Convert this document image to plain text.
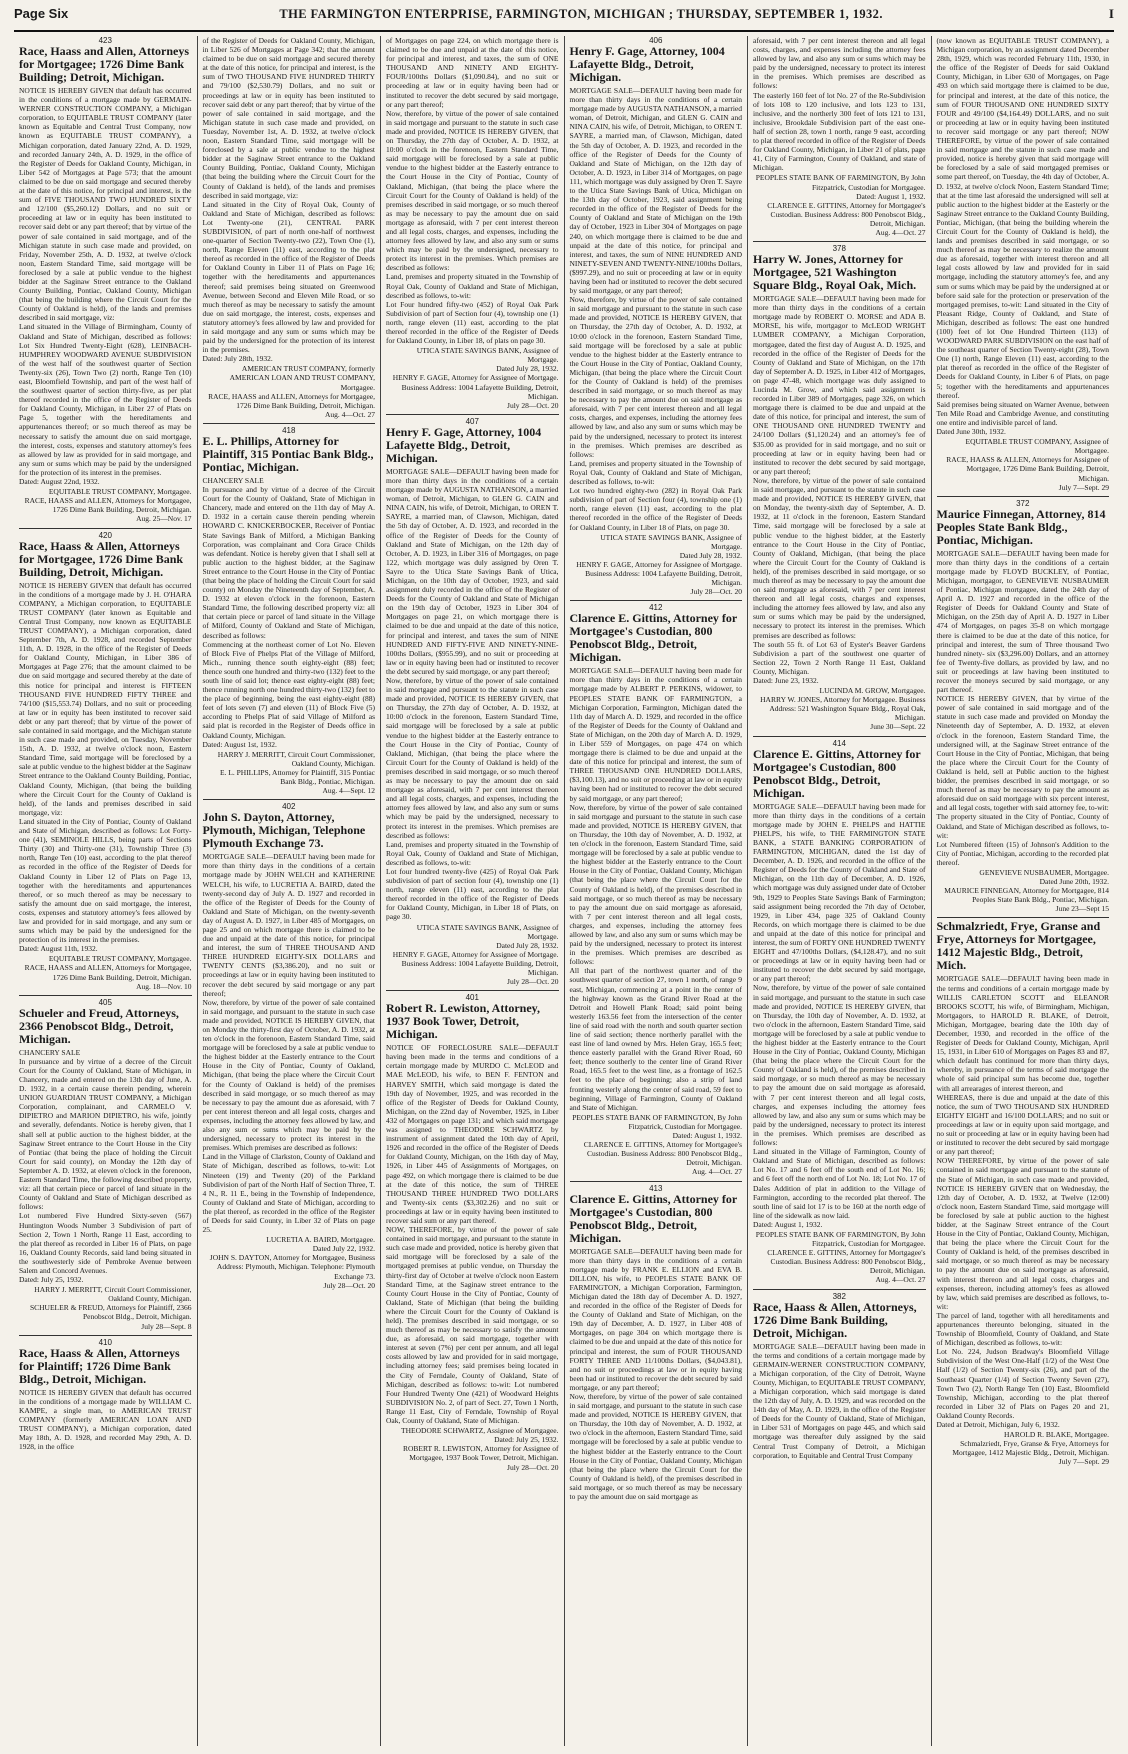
Page Six	THE FARMINGTON ENTERPRISE, FARMINGTON, MICHIGAN ; THURSDAY, SEPTEMBER 1, 1932.	I
423
Race, Haass and Allen, Attorneys for Mortgagee; 1726 Dime Bank Building; Detroit, Michigan.

NOTICE IS HEREBY GIVEN that default has occurred in the conditions of a mortgage made by GERMAIN-WERNER CONSTRUCTION COMPANY, a Michigan corporation, to EQUITABLE TRUST COMPANY (later known as Equitable and Central Trust Company, now known as EQUITABLE TRUST COMPANY), a Michigan corporation, dated January 22nd, A. D. 1929, and recorded January 24th, A. D. 1929, in the office of the Register of Deeds for Oakland County, Michigan, in Liber 542 of Mortgages at Page 573; that the amount claimed to be due on said mortgage and secured thereby at the date of this notice, for principal and interest, is the sum of FIVE THOUSAND TWO HUNDRED SIXTY and 12/100 ($5,260.12) Dollars, and no suit or proceeding at law or in equity has been instituted to recover said debt or any part thereof; that by virtue of the power of sale contained in said mortgage, and of the Michigan statute in such case made and provided, on Friday, November 25th, A. D. 1932, at twelve o'clock noon, Eastern Standard Time, said mortgage will be foreclosed by a sale at public vendue to the highest bidder at the Saginaw Street entrance to the Oakland County Building, Pontiac, Oakland County, Michigan (that being the building where the Circuit Court for the County of Oakland is held), of the lands and premises described in said mortgage, viz:
Land situated in the Village of Birmingham, County of Oakland and State of Michigan, described as follows: Lot Six Hundred Twenty-Eight (628), LEINBACH-HUMPHREY WOODWARD AVENUE SUBDIVISION of the west half of the southwest quarter of Section Twenty-six (26), Town Two (2) north, Range Ten (10) east, Bloomfield Township, and part of the west half of the southwest quarter of section thirty-five, as per plat thereof recorded in the office of the Register of Deeds for Oakland County, Michigan, in Liber 27 of Plats on Page 5, together with the hereditaments and appurtenances thereof; or so much thereof as may be necessary to satisfy the amount due on said mortgage, the interest, costs, expenses and statutory attorney's fees as allowed by law as provided for in said mortgage, and any sum or sums which may be paid by the undersigned for the protection of its interest in the premises.
Dated: August 22nd, 1932.

EQUITABLE TRUST COMPANY, Mortgagee.
RACE, HAASS and ALLEN, Attorneys for Mortgagee, 1726 Dime Bank Building, Detroit, Michigan.
Aug. 25—Nov. 17

420
Race, Haass & Allen, Attorneys for Mortgagee, 1726 Dime Bank Building, Detroit, Michigan.

NOTICE IS HEREBY GIVEN that default has occurred in the conditions of a mortgage made by J. H. O'HARA COMPANY, a Michigan corporation, to EQUITABLE TRUST COMPANY (later known as Equitable and Central Trust Company, now known as EQUITABLE TRUST COMPANY), a Michigan corporation, dated September 7th, A. D. 1928, and recorded September 11th, A. D. 1928, in the office of the Register of Deeds for Oakland County, Michigan, in Liber 386 of Mortgages at Page 276; that the amount claimed to be due on said mortgage and secured thereby at the date of this notice for principal and interest is FIFTEEN THOUSAND FIVE HUNDRED FIFTY THREE and 74/100 ($15,553.74) Dollars, and no suit or proceeding at law or in equity has been instituted to recover said debt or any part thereof; that by virtue of the power of sale contained in said mortgage, and the Michigan statute in such case made and provided, on Tuesday, November 15th, A. D. 1932, at twelve o'clock noon, Eastern Standard Time, said mortgage will be foreclosed by a sale at public vendue to the highest bidder at the Saginaw Street entrance to the Oakland County Building, Pontiac, Oakland County, Michigan, (that being the building where the Circuit Court for the County of Oakland is held), of the lands and premises described in said mortgage, viz:
Land situated in the City of Pontiac, County of Oakland and State of Michigan, described as follows: Lot Forty-one (41), SEMINOLE HILLS, being parts of Sections Thirty (30) and Thirty-one (31), Township Three (3) north, Range Ten (10) east, according to the plat thereof as recorded in the office of the Register of Deeds for Oakland County in Liber 12 of Plats on Page 13, together with the hereditaments and appurtenances thereof, or so much thereof as may be necessary to satisfy the amount due on said mortgage, the interest, costs, expenses and statutory attorney's fees allowed by law and provided for in said mortgage, and any sum or sums which may be paid by the undersigned for the protection of its interest in the premises.
Dated: August 11th, 1932.

EQUITABLE TRUST COMPANY, Mortgagee.
RACE, HAASS and ALLEN, Attorneys for Mortgagee, 1726 Dime Bank Building, Detroit, Michigan.
Aug. 18—Nov. 10

405
Schueler and Freud, Attorneys, 2366 Penobscot Bldg., Detroit, Michigan.

CHANCERY SALE
In pursuance and by virtue of a decree of the Circuit Court for the County of Oakland, State of Michigan, in Chancery, made and entered on the 13th day of June, A. D. 1932, in a certain cause therein pending, wherein UNION GUARDIAN TRUST COMPANY, a Michigan Corporation, complainant, and CARMELO V. DIPIETRO and MARION DIPIETRO, his wife, jointly and severally, defendants. Notice is hereby given, that I shall sell at public auction to the highest bidder, at the Saginaw Street entrance to the Court House in the City of Pontiac (that being the place of holding the Circuit Court for said county), on Monday the 12th day of September A. D. 1932, at eleven o'clock in the forenoon, Eastern Standard Time, the following described property, viz: all that certain piece or parcel of land situate in the County of Oakland and State of Michigan described as follows:
Lot numbered Five Hundred Sixty-seven (567) Huntington Woods Number 3 Subdivision of part of Section 2, Town 1 North, Range 11 East, according to the plat thereof as recorded in Liber 16 of Plats, on page 16, Oakland County Records, said land being situated in the southwesterly side of Pembroke Avenue between Salem and Concord Avenues.
Dated: July 25, 1932.

HARRY J. MERRITT, Circuit Court Commissioner, Oakland County, Michigan.
SCHUELER & FREUD, Attorneys for Plaintiff, 2366 Penobscot Bldg., Detroit, Michigan.
July 28—Sept. 8

410
Race, Haass & Allen, Attorneys for Plaintiff; 1726 Dime Bank Bldg., Detroit, Michigan.

NOTICE IS HEREBY GIVEN that default has occurred in the conditions of a mortgage made by WILLIAM C. KAMPE, a single man, to AMERICAN TRUST COMPANY (formerly AMERICAN LOAN AND TRUST COMPANY), a Michigan corporation, dated May 18th, A. D. 1928, and recorded May 29th, A. D. 1928, in the office

of the Register of Deeds for Oakland County, Michigan, in Liber 526 of Mortgages at Page 342; that the amount claimed to be due on said mortgage and secured thereby at the date of this notice, for principal and interest, is the sum of TWO THOUSAND FIVE HUNDRED THIRTY and 79/100 ($2,530.79) Dollars, and no suit or proceedings at law or in equity has been instituted to recover said debt or any part thereof; that by virtue of the power of sale contained in said mortgage, and the Michigan statute in such case made and provided, on Tuesday, November 1st, A. D. 1932, at twelve o'clock noon, Eastern Standard Time, said mortgage will be foreclosed by a sale at public vendue to the highest bidder at the Saginaw Street entrance to the Oakland County Building, Pontiac, Oakland County, Michigan (that being the building where the Circuit Court for the County of Oakland is held), of the lands and premises described in said mortgage, viz:
Land situated in the City of Royal Oak, County of Oakland and State of Michigan, described as follows: Lot Twenty-one (21), CENTRAL PARK SUBDIVISION, of part of north one-half of northwest one-quarter of Section Twenty-two (22), Town One (1), north, Range Eleven (11) east, according to the plat thereof as recorded in the office of the Register of Deeds for Oakland County in Liber 11 of Plats on Page 16; together with the hereditaments and appurtenances thereof; said premises being situated on Greenwood Avenue, between Second and Eleven Mile Road, or so much thereof as may be necessary to satisfy the amount due on said mortgage, the interest, costs, expenses and statutory attorney's fees allowed by law and provided for in said mortgage and any sum or sums which may be paid by the undersigned for the protection of its interest in the premises.
Dated: July 28th, 1932.

AMERICAN TRUST COMPANY, formerly AMERICAN LOAN AND TRUST COMPANY, Mortgagee.
RACE, HAASS and ALLEN, Attorneys for Mortgagee, 1726 Dime Bank Building, Detroit, Michigan.
Aug. 4—Oct. 27

418
E. L. Phillips, Attorney for Plaintiff, 315 Pontiac Bank Bldg., Pontiac, Michigan.

CHANCERY SALE
In pursuance and by virtue of a decree of the Circuit Court for the County of Oakland, State of Michigan in Chancery, made and entered on the 11th day of May A. D. 1932 in a certain cause therein pending wherein HOWARD C. KNICKERBOCKER, Receiver of Pontiac State Savings Bank of Milford, a Michigan Banking Corporation, was complainant and Cora Grace Childs was defendant. Notice is hereby given that I shall sell at public auction to the highest bidder, at the Saginaw Street entrance to the Court House in the City of Pontiac (that being the place of holding the Circuit Court for said county) on Monday the Nineteenth day of September, A. D. 1932 at eleven o'clock in the forenoon, Eastern Standard Time, the following described property viz: all that certain piece or parcel of land situate in the Village of Milford, County of Oakland and State of Michigan, described as follows:
Commencing at the northeast corner of Lot No. Eleven of Block Five of Phelps Plat of the Village of Milford, Mich., running thence south eighty-eight (88) feet; thence south one hundred and thirty-two (132) feet to the south line of said lot; thence east eighty-eight (88) feet; thence running north one hundred thirty-two (132) feet to the place of beginning, being the east eighty-eight (88) feet of lots seven (7) and eleven (11) of Block Five (5) according to Phelps Plat of said Village of Milford as said plat is recorded in the Register of Deeds office in Oakland County, Michigan.
Dated: August 1st, 1932.

HARRY J. MERRITT, Circuit Court Commissioner, Oakland County, Michigan.
E. L. PHILLIPS, Attorney for Plaintiff, 315 Pontiac Bank Bldg., Pontiac, Michigan.
Aug. 4—Sept. 12

402
John S. Dayton, Attorney, Plymouth, Michigan, Telephone Plymouth Exchange 73.

MORTGAGE SALE—DEFAULT having been made for more than thirty days in the conditions of a certain mortgage made by JOHN WELCH and KATHERINE WELCH, his wife, to LUCRETIA A. BAIRD, dated the twenty-second day of July A. D. 1927 and recorded in the office of the Register of Deeds for the County of Oakland and State of Michigan, on the twenty-seventh day of August A. D. 1927, in Liber 485 of Mortgages, on page 25 and on which mortgage there is claimed to be due and unpaid at the date of this notice, for principal and interest, the sum of THREE THOUSAND AND THREE HUNDRED EIGHTY-SIX DOLLARS and TWENTY CENTS ($3,386.20), and no suit or proceedings at law or in equity having been instituted to recover the debt secured by said mortgage or any part thereof;
Now, therefore, by virtue of the power of sale contained in said mortgage, and pursuant to the statute in such case made and provided, NOTICE IS HEREBY GIVEN, that on Monday the thirty-first day of October, A. D. 1932, at ten o'clock in the forenoon, Eastern Standard Time, said mortgage will be foreclosed by a sale at public vendue to the highest bidder at the Easterly entrance to the Court House in the City of Pontiac, County of Oakland, Michigan, (that being the place where the Circuit Court for the County of Oakland is held) of the premises described in said mortgage, or so much thereof as may be necessary to pay the amount due as aforesaid, with 7 per cent interest thereon and all legal costs, charges and expenses, including the attorney fees allowed by law, and also any sum or sums which may be paid by the undersigned, necessary to protect its interest in the premises. Which premises are described as follows:
Land in the Village of Clarkston, County of Oakland and State of Michigan, described as follows, to-wit: Lot Nineteen (19) and Twenty (20) of the Parkland Subdivision of part of the North Half of Section Three, T. 4 N., R. 11 E., being in the Township of Independence, County of Oakland and State of Michigan, according to the plat thereof, as recorded in the office of the Register of Deeds for said County, in Liber 32 of Plats on page 25.

LUCRETIA A. BAIRD, Mortgagee.
Dated July 22, 1932.
JOHN S. DAYTON, Attorney for Mortgagee, Business Address: Plymouth, Michigan. Telephone: Plymouth Exchange 73.
July 28—Oct. 20

of Mortgages on page 224, on which mortgage there is claimed to be due and unpaid at the date of this notice, for principal and interest, and taxes, the sum of ONE THOUSAND AND NINETY AND EIGHTY-FOUR/100ths Dollars ($1,090.84), and no suit or proceeding at law or in equity having been had or instituted to recover the debt secured by said mortgage, or any part thereof;
Now, therefore, by virtue of the power of sale contained in said mortgage and pursuant to the statute in such case made and provided, NOTICE IS HEREBY GIVEN, that on Thursday, the 27th day of October, A. D. 1932, at 10:00 o'clock in the forenoon, Eastern Standard Time, said mortgage will be foreclosed by a sale at public vendue to the highest bidder at the Easterly entrance to the Court House in the City of Pontiac, County of Oakland, Michigan, (that being the place where the Circuit Court for the County of Oakland is held) of the premises described in said mortgage, or so much thereof as may be necessary to pay the amount due on said mortgage as aforesaid, with 7 per cent interest thereon and all legal costs, charges, and expenses, including the attorney fees allowed by law, and also any sum or sums which may be paid by the undersigned, necessary to protect its interest in the premises. Which premises are described as follows:
Land, premises and property situated in the Township of Royal Oak, County of Oakland and State of Michigan, described as follows, to-wit:
Lot Four hundred fifty-two (452) of Royal Oak Park Subdivision of part of Section four (4), township one (1) north, range eleven (11) east, according to the plat thereof recorded in the office of the Register of Deeds for Oakland County, in Liber 18, of plats on page 30.

UTICA STATE SAVINGS BANK, Assignee of Mortgage.
Dated July 28, 1932.
HENRY F. GAGE, Attorney for Assignee of Mortgage. Business Address: 1004 Lafayette Building, Detroit, Michigan.
July 28—Oct. 20

407
Henry F. Gage, Attorney, 1004 Lafayette Bldg., Detroit, Michigan.

MORTGAGE SALE—DEFAULT having been made for more than thirty days in the conditions of a certain mortgage made by AUGUSTA NATHANSON, a married woman, of Detroit, Michigan, to GLEN G. CAIN and NINA CAIN, his wife, of Detroit, Michigan, to OREN T. SAYRE, a married man, of Clawson, Michigan, dated the 5th day of October, A. D. 1923, and recorded in the office of the Register of Deeds for the County of Oakland and State of Michigan, on the 12th day of October, A. D. 1923, in Liber 316 of Mortgages, on page 122, which mortgage was duly assigned by Oren T. Sayre to the Utica State Savings Bank of Utica, Michigan, on the 10th day of October, 1923, and said assignment duly recorded in the office of the Register of Deeds for the County of Oakland and State of Michigan on the 19th day of October, 1923 in Liber 304 of Mortgages on page 21, on which mortgage there is claimed to be due and unpaid at the date of this notice, for principal and interest, and taxes the sum of NINE HUNDRED AND FIFTY-FIVE AND NINETY-NINE-100ths Dollars, ($955.99), and no suit or proceeding at law or in equity having been had or instituted to recover the debt secured by said mortgage, or any part thereof;
Now, therefore, by virtue of the power of sale contained in said mortgage and pursuant to the statute in such case made and provided, NOTICE IS HEREBY GIVEN, that on Thursday, the 27th day of October, A. D. 1932, at 10:00 o'clock in the forenoon, Eastern Standard Time, said mortgage will be foreclosed by a sale at public vendue to the highest bidder at the Easterly entrance to the Court House in the City of Pontiac, County of Oakland, Michigan, (that being the place where the Circuit Court for the County of Oakland is held) of the premises described in said mortgage, or so much thereof as may be necessary to pay the amount due on said mortgage as aforesaid, with 7 per cent interest thereon and all legal costs, charges, and expenses, including the attorney fees allowed by law, and also any sum or sums which may be paid by the undersigned, necessary to protect its interest in the premises. Which premises are described as follows:
Land, premises and property situated in the Township of Royal Oak, County of Oakland and State of Michigan, described as follows, to-wit:
Lot four hundred twenty-five (425) of Royal Oak Park subdivision of part of section four (4), township one (1) north, range eleven (11) east, according to the plat thereof recorded in the office of the Register of Deeds for Oakland County, Michigan, in Liber 18 of Plats, on page 30.

UTICA STATE SAVINGS BANK, Assignee of Mortgage.
Dated July 28, 1932.
HENRY F. GAGE, Attorney for Assignee of Mortgage. Business Address: 1004 Lafayette Building, Detroit, Michigan.
July 28—Oct. 20

401
Robert R. Lewiston, Attorney, 1937 Book Tower, Detroit, Michigan.

NOTICE OF FORECLOSURE SALE—DEFAULT having been made in the terms and conditions of a certain mortgage made by MURDO C. McLEOD and MAE McLEOD, his wife, to BEN F. FENTON and HARVEY SMITH, which said mortgage is dated the 19th day of November, 1925, and was recorded in the office of the Register of Deeds for Oakland County, Michigan, on the 22nd day of November, 1925, in Liber 432 of Mortgages on page 131; and which said mortgage was assigned to THEODORE SCHWARTZ by instrument of assignment dated the 10th day of April, 1926 and recorded in the office of the Register of Deeds for Oakland County, Michigan, on the 16th day of May, 1926, in Liber 445 of Assignments of Mortgages, on page 492, on which mortgage there is claimed to be due at the date of this notice, the sum of THREE THOUSAND THREE HUNDRED TWO DOLLARS and Twenty-six cents ($3,302.26) and no suit or proceedings at law or in equity having been instituted to recover said sum or any part thereof.
NOW, THEREFORE, by virtue of the power of sale contained in said mortgage, and pursuant to the statute in such case made and provided, notice is hereby given that said mortgage will be foreclosed by a sale of the mortgaged premises at public vendue, on Thursday the thirty-first day of October at twelve o'clock noon Eastern Standard Time, at the Saginaw street entrance to the County Court House in the City of Pontiac, County of Oakland, State of Michigan (that being the building where the Circuit Court for the County of Oakland is held). The premises described in said mortgage, or so much thereof as may be necessary to satisfy the amount due, as aforesaid, on said mortgage, together with interest at seven (7%) per cent per annum, and all legal costs allowed by law and provided for in said mortgage, including attorney fees; said premises being located in the City of Ferndale, County of Oakland, State of Michigan, described as follows: to-wit: Lot numbered Four Hundred Twenty One (421) of Woodward Heights SUBDIVISION No. 2, of part of Sect. 27, Town 1 North, Range 11 East, City of Ferndale, Township of Royal Oak, County of Oakland, State of Michigan.

THEODORE SCHWARTZ, Assignee of Mortgagee.
Dated: July 25, 1932.
ROBERT R. LEWISTON, Attorney for Assignee of Mortgagee, 1937 Book Tower, Detroit, Michigan.
July 28—Oct. 20

406
Henry F. Gage, Attorney, 1004 Lafayette Bldg., Detroit, Michigan.

MORTGAGE SALE—DEFAULT having been made for more than thirty days in the conditions of a certain mortgage made by AUGUSTA NATHANSON, a married woman, of Detroit, Michigan, and GLEN G. CAIN and NINA CAIN, his wife, of Detroit, Michigan, to OREN T. SAYRE, a married man, of Clawson, Michigan, dated the 5th day of October, A. D. 1923, and recorded in the office of the Register of Deeds for the County of Oakland and State of Michigan, on the 12th day of October, A. D. 1923, in Liber 314 of Mortgages, on page 111, which mortgage was duly assigned by Oren T. Sayre to the Utica State Savings Bank of Utica, Michigan on the 13th day of October, 1923, said assignment being recorded in the office of the Register of Deeds for the County of Oakland and State of Michigan on the 19th day of October, 1923 in Liber 304 of Mortgages on page 240, on which mortgage there is claimed to be due and unpaid at the date of this notice, for principal and interest, and taxes, the sum of NINE HUNDRED AND NINETY-SEVEN AND TWENTY-NINE/100ths Dollars, ($997.29), and no suit or proceeding at law or in equity having been had or instituted to recover the debt secured by said mortgage, or any part thereof;
Now, therefore, by virtue of the power of sale contained in said mortgage and pursuant to the statute in such case made and provided, NOTICE IS HEREBY GIVEN, that on Thursday, the 27th day of October, A. D. 1932, at 10:00 o'clock in the forenoon, Eastern Standard Time, said mortgage will be foreclosed by a sale at public vendue to the highest bidder at the Easterly entrance to the Court House in the City of Pontiac, Oakland County, Michigan, (that being the place where the Circuit Court for the County of Oakland is held) of the premises described in said mortgage, or so much thereof as may be necessary to pay the amount due on said mortgage as aforesaid, with 7 per cent interest thereon and all legal costs, charges, and expenses, including the attorney fees allowed by law, and also any sum or sums which may be paid by the undersigned, necessary to protect its interest in the premises. Which premises are described as follows:
Land, premises and property situated in the Township of Royal Oak, County of Oakland and State of Michigan, described as follows, to-wit:
Lot two hundred eighty-two (282) in Royal Oak Park subdivision of part of Section four (4), township one (1) north, range eleven (11) east, according to the plat thereof recorded in the office of the Register of Deeds for Oakland County, in Liber 18 of Plats, on page 30.

UTICA STATE SAVINGS BANK, Assignee of Mortgage.
Dated July 28, 1932.
HENRY F. GAGE, Attorney for Assignee of Mortgage. Business Address: 1004 Lafayette Building, Detroit, Michigan.
July 28—Oct. 20

412
Clarence E. Gittins, Attorney for Mortgagee's Custodian, 800 Penobscot Bldg., Detroit, Michigan.

MORTGAGE SALE—DEFAULT having been made for more than thirty days in the conditions of a certain mortgage made by ALBERT P. PERKINS, widower, to PEOPLES STATE BANK OF FARMINGTON, a Michigan Corporation, Farmington, Michigan dated the 11th day of March A. D. 1929, and recorded in the office of the Register of Deeds for the County of Oakland and State of Michigan, on the 20th day of March A. D. 1929, in Liber 559 of Mortgages, on page 474 on which mortgage there is claimed to be due and unpaid at the date of this notice for principal and interest, the sum of THREE THOUSAND ONE HUNDRED DOLLARS, ($3,100.13), and no suit or proceeding at law or in equity having been had or instituted to recover the debt secured by said mortgage, or any part thereof;
Now, therefore, by virtue of the power of sale contained in said mortgage and pursuant to the statute in such case made and provided, NOTICE IS HEREBY GIVEN, that on Thursday, the 10th day of November, A. D. 1932, at ten o'clock in the forenoon, Eastern Standard Time, said mortgage will be foreclosed by a sale at public vendue to the highest bidder at the Easterly entrance to the Court House in the City of Pontiac, Oakland County, Michigan (that being the place where the Circuit Court for the County of Oakland is held), of the premises described in said mortgage, or so much thereof as may be necessary to pay the amount due on said mortgage as aforesaid, with 7 per cent interest thereon and all legal costs, charges, and expenses, including the attorney fees allowed by law, and also any sum or sums which may be paid by the undersigned, necessary to protect its interest in the premises. Which premises are described as follows:
All that part of the northwest quarter and of the southwest quarter of section 27, town 1 north, of range 9 east, Michigan, commencing at a point in the center of the highway known as the Grand River Road at the Detroit and Howell Plank Road; said point being westerly 163.56 feet from the intersection of the center line of said road with the north and south quarter section line of said section; thence northerly parallel with the east line of land owned by Mrs. Helen Gray, 165.5 feet; thence easterly parallel with the Grand River Road, 60 feet; thence southerly to the center line of Grand River Road, 165.5 feet to the west line, as a frontage of 162.5 feet to the place of beginning; also a strip of land fronting westerly along the center of said road, 59 feet to beginning, Village of Farmington, County of Oakland and State of Michigan.

PEOPLES STATE BANK OF FARMINGTON, By John Fitzpatrick, Custodian for Mortgagee.
Dated: August 1, 1932.
CLARENCE E. GITTINS, Attorney for Mortgagee's Custodian. Business Address: 800 Penobscot Bldg., Detroit, Michigan.
Aug. 4—Oct. 27

413
Clarence E. Gittins, Attorney for Mortgagee's Custodian, 800 Penobscot Bldg., Detroit, Michigan.

MORTGAGE SALE—DEFAULT having been made for more than thirty days in the conditions of a certain mortgage made by FRANK E. ELLION and EVA B. DILLON, his wife, to PEOPLES STATE BANK OF FARMINGTON, a Michigan Corporation, Farmington, Michigan dated the 18th day of December A. D. 1927, and recorded in the office of the Register of Deeds for the County of Oakland and State of Michigan, on the 19th day of December, A. D. 1927, in Liber 408 of Mortgages, on page 304 on which mortgage there is claimed to be due and unpaid at the date of this notice for principal and interest, the sum of FOUR THOUSAND FORTY THREE AND 11/100ths Dollars, ($4,043.81), and no suit or proceedings at law or in equity having been had or instituted to recover the debt secured by said mortgage, or any part thereof;
Now, therefore, by virtue of the power of sale contained in said mortgage, and pursuant to the statute in such case made and provided, NOTICE IS HEREBY GIVEN, that on Thursday, the 10th day of November, A. D. 1932, at two o'clock in the afternoon, Eastern Standard Time, said mortgage will be foreclosed by a sale at public vendue to the highest bidder at the Easterly entrance to the Court House in the City of Pontiac, Oakland County, Michigan (that being the place where the Circuit Court for the County of Oakland is held), of the premises described in said mortgage, or so much thereof as may be necessary to pay the amount due on said mortgage as

aforesaid, with 7 per cent interest thereon and all legal costs, charges, and expenses including the attorney fees allowed by law, and also any sum or sums which may be paid by the undersigned, necessary to protect its interest in the premises. Which premises are described as follows:
The easterly 160 feet of lot No. 27 of the Re-Subdivision of lots 108 to 120 inclusive, and lots 123 to 131, inclusive, and the northerly 300 feet of lots 121 to 131, inclusive, Brookdale Subdivision part of the east one-half of section 28, town 1 north, range 9 east, according to plat thereof recorded in office of the Register of Deeds for Oakland County, Michigan, in Liber 21 of plats, page 41, City of Farmington, County of Oakland, and state of Michigan.

PEOPLES STATE BANK OF FARMINGTON, By John Fitzpatrick, Custodian for Mortgagee.
Dated: August 1, 1932.
CLARENCE E. GITTINS, Attorney for Mortgagee's Custodian. Business Address: 800 Penobscot Bldg., Detroit, Michigan.
Aug. 4—Oct. 27

378
Harry W. Jones, Attorney for Mortgagee, 521 Washington Square Bldg., Royal Oak, Mich.

MORTGAGE SALE—DEFAULT having been made for more than thirty days in the conditions of a certain mortgage made by ROBERT O. MORSE and ADA B. MORSE, his wife, mortgagor to McLEOD WRIGHT LUMBER COMPANY, a Michigan Corporation, mortgagee, dated the first day of August A. D. 1925, and recorded in the office of the Register of Deeds for the County of Oakland and State of Michigan, on the 17th day of September A. D. 1925, in Liber 412 of Mortgages, on page 47-48, which mortgage was duly assigned to Lucinda M. Grow, and which said assignment is recorded in Liber 389 of Mortgages, page 326, on which mortgage there is claimed to be due and unpaid at the date of this notice, for principal and interest, the sum of ONE THOUSAND ONE HUNDRED TWENTY and 24/100 Dollars ($1,120.24) and an attorney's fee of $35.00 as provided for in said mortgage, and no suit or proceeding at law or in equity having been had or instituted to recover the debt secured by said mortgage, or any part thereof;
Now, therefore, by virtue of the power of sale contained in said mortgage, and pursuant to the statute in such case made and provided, NOTICE IS HEREBY GIVEN, that on Monday, the twenty-sixth day of September, A. D. 1932, at 11 o'clock in the forenoon, Eastern Standard Time, said mortgage will be foreclosed by a sale at public vendue to the highest bidder, at the Easterly entrance to the Court House in the City of Pontiac, County of Oakland, Michigan, (that being the place where the Circuit Court for the County of Oakland is held), of the premises described in said mortgage, or so much thereof as may be necessary to pay the amount due on said mortgage as aforesaid, with 7 per cent interest thereon and all legal costs, charges and expenses, including the attorney fees allowed by law, and also any sum or sums which may be paid by the undersigned, necessary to protect its interest in the premises. Which premises are described as follows:
The south 55 ft. of Lot 63 of Eyster's Beaver Gardens Subdivision a part of the southwest one quarter of Section 22, Town 2 North Range 11 East, Oakland County, Michigan.
Dated: June 23, 1932.

LUCINDA M. GROW, Mortgagee.
HARRY W. JONES, Attorney for Mortgagee. Business Address: 521 Washington Square Bldg., Royal Oak, Michigan.
June 30—Sept. 22

414
Clarence E. Gittins, Attorney for Mortgagee's Custodian, 800 Penobscot Bldg., Detroit, Michigan.

MORTGAGE SALE—DEFAULT having been made for more than thirty days in the conditions of a certain mortgage made by JOHN E. PHELPS and HATTIE PHELPS, his wife, to THE FARMINGTON STATE BANK, a STATE BANKING CORPORATION of FARMINGTON, MICHIGAN, dated the 1st day of December, A. D. 1926, and recorded in the office of the Register of Deeds for the County of Oakland and State of Michigan, on the 11th day of December, A. D. 1926, which mortgage was duly assigned under date of October 9th, 1929 to Peoples State Savings Bank of Farmington; said assignment being recorded the 7th day of October, 1929, in Liber 434, page 325 of Oakland County Records, on which mortgage there is claimed to be due and unpaid at the date of this notice for principal and interest, the sum of FORTY ONE HUNDRED TWENTY EIGHT and 47/100ths Dollars, ($4,128.47), and no suit or proceedings at law or in equity having been had or instituted to recover the debt secured by said mortgage, or any part thereof;
Now, therefore, by virtue of the power of sale contained in said mortgage, and pursuant to the statute in such case made and provided, NOTICE IS HEREBY GIVEN, that on Thursday, the 10th day of November, A. D. 1932, at two o'clock in the afternoon, Eastern Standard Time, said mortgage will be foreclosed by a sale at public vendue to the highest bidder at the Easterly entrance to the Court House in the City of Pontiac, Oakland County, Michigan (that being the place where the Circuit Court for the County of Oakland is held), of the premises described in said mortgage, or so much thereof as may be necessary to pay the amount due on said mortgage as aforesaid, with 7 per cent interest thereon and all legal costs, charges, and expenses including the attorney fees allowed by law, and also any sum or sums which may be paid by the undersigned, necessary to protect its interest in the premises. Which premises are described as follows:
Land situated in the Village of Farmington, County of Oakland and State of Michigan, described as follows: Lot No. 17 and 6 feet off the south end of Lot No. 16; and 6 feet off the north end of Lot No. 18; Lot No. 17 of Dales Addition of plat in addition to the Village of Farmington, according to the recorded plat thereof. The south line of said lot 17 is to be 160 at the north edge of line of the sidewalk as now laid.
Dated: August 1, 1932.

PEOPLES STATE BANK OF FARMINGTON, By John Fitzpatrick, Custodian for Mortgagee.
CLARENCE E. GITTINS, Attorney for Mortgagee's Custodian. Business Address: 800 Penobscot Bldg., Detroit, Michigan.
Aug. 4—Oct. 27

382
Race, Haass & Allen, Attorneys, 1726 Dime Bank Building, Detroit, Michigan.

MORTGAGE SALE—DEFAULT having been made in the terms and conditions of a certain mortgage made by GERMAIN-WERNER CONSTRUCTION COMPANY, a Michigan corporation, of the City of Detroit, Wayne County, Michigan, to EQUITABLE TRUST COMPANY, a Michigan corporation, which said mortgage is dated the 12th day of July, A. D. 1929, and was recorded on the 14th day of May, A. D. 1929, in the office of the Register of Deeds for the County of Oakland, State of Michigan, in Liber 531 of Mortgages on page 445, and which said mortgage was thereafter duly assigned by the said Central Trust Company of Detroit, a Michigan corporation, to Equitable and Central Trust Company

(now known as EQUITABLE TRUST COMPANY), a Michigan corporation, by an assignment dated December 28th, 1929, which was recorded February 11th, 1930, in the office of the Register of Deeds for said Oakland County, Michigan, in Liber 630 of Mortgages, on Page 493 on which said mortgage there is claimed to be due, for principal and interest, at the date of this notice, the sum of FOUR THOUSAND ONE HUNDRED SIXTY FOUR and 49/100 ($4,164.49) DOLLARS, and no suit or proceeding at law or in equity having been instituted to recover said mortgage or any part thereof; NOW THEREFORE, by virtue of the power of sale contained in said mortgage and the statute in such case made and provided, notice is hereby given that said mortgage will be foreclosed by a sale of said mortgaged premises or some part thereof, on Tuesday, the 4th day of October, A. D. 1932, at twelve o'clock Noon, Eastern Standard Time; that at the time last aforesaid the undersigned will sell at public auction to the highest bidder at the Easterly or the Saginaw Street entrance to the Oakland County Building, Pontiac, Michigan, (that being the building wherein the Circuit Court for the County of Oakland is held), the lands and premises described in said mortgage, or so much thereof as may be necessary to realize the amount due as aforesaid, together with interest thereon and all legal costs allowed by law and provided for in said mortgage, including the statutory attorney's fee, and any sum or sums which may be paid by the undersigned at or before said sale for the protection or preservation of the mortgaged premises, to-wit: Land situated in the City of Pleasant Ridge, County of Oakland, and State of Michigan, described as follows: The east one hundred (100) feet of lot One Hundred Thirteen (113) of WOODWARD PARK SUBDIVISION on the east half of the southeast quarter of Section Twenty-eight (28), Town One (1) north, Range Eleven (11) east, according to the plat thereof as recorded in the office of the Register of Deeds for Oakland County, in Liber 6 of Plats, on page 5; together with the hereditaments and appurtenances thereof.
Said premises being situated on Warner Avenue, between Ten Mile Road and Cambridge Avenue, and constituting one entire and indivisible parcel of land.
Dated June 30th, 1932.

EQUITABLE TRUST COMPANY, Assignee of Mortgagee.
RACE, HAASS & ALLEN, Attorneys for Assignee of Mortgagee, 1726 Dime Bank Building, Detroit, Michigan.
July 7—Sept. 29

372
Maurice Finnegan, Attorney, 814 Peoples State Bank Bldg., Pontiac, Michigan.

MORTGAGE SALE—DEFAULT having been made for more than thirty days in the conditions of a certain mortgage made by FLOYD BUCKLEY, of Pontiac, Michigan, mortgagor, to GENEVIEVE NUSBAUMER of Pontiac, Michigan mortgagee, dated the 24th day of April A. D. 1927 and recorded in the office of the Register of Deeds for Oakland County and State of Michigan, on the 25th day of April A. D. 1927 in Liber 474 of Mortgages, on pages 35-8 on which mortgage there is claimed to be due at the date of this notice, for principal and interest, the sum of Three thousand Two hundred ninety- six ($3,296.00) Dollars, and an attorney fee of Twenty-five dollars, as provided by law, and no suit or proceedings at law having been instituted to recover the moneys secured by said mortgage, or any part thereof.
NOTICE IS HEREBY GIVEN, that by virtue of the power of sale contained in said mortgage and of the statute in such case made and provided on Monday the Nineteenth day of September, A. D. 1932, at eleven o'clock in the forenoon, Eastern Standard Time, the undersigned will, at the Saginaw Street entrance of the Court House in the City of Pontiac, Michigan, that being the place where the Circuit Court for the County of Oakland is held, sell at Public auction to the highest bidder, the premises described in said mortgage, or so much thereof as may be necessary to pay the amount as aforesaid due on said mortgage with six percent interest, and all legal costs, together with said attorney fee, to-wit:
The property situated in the City of Pontiac, County of Oakland, and State of Michigan described as follows, to-wit:
Lot Numbered fifteen (15) of Johnson's Addition to the City of Pontiac, Michigan, according to the recorded plat thereof.

GENEVIEVE NUSBAUMER, Mortgagee.
Dated June 20th, 1932.
MAURICE FINNEGAN, Attorney for Mortgagee, 814 Peoples State Bank Bldg., Pontiac, Michigan.
June 23—Sept 15

Schmalzriedt, Frye, Granse and Frye, Attorneys for Mortgagee, 1412 Majestic Bldg., Detroit, Mich.

MORTGAGE SALE—DEFAULT having been made in the terms and conditions of a certain mortgage made by WILLIS CARLETON SCOTT and ELEANOR BROOKS SCOTT, his wife, of Birmingham, Michigan, Mortgagors, to HAROLD R. BLAKE, of Detroit, Michigan, Mortgagee, bearing date the 10th day of December, 1930, and recorded in the office of the Register of Deeds for Oakland County, Michigan, April 15, 1931, in Liber 610 of Mortgages on Pages 83 and 87, which default has continued for more than thirty days, whereby, in pursuance of the terms of said mortgage the whole of said principal sum has become due, together with all arrearages of interest thereon, and
WHEREAS, there is due and unpaid at the date of this notice, the sum of TWO THOUSAND SIX HUNDRED EIGHTY EIGHT and 16/100 DOLLARS; and no suit or proceedings at law or in equity upon said mortgage, and no suit or proceeding at law or in equity having been had or instituted to recover the debt secured by said mortgage or any part thereof;
NOW THEREFORE, by virtue of the power of sale contained in said mortgage and pursuant to the statute of the State of Michigan, in such case made and provided, NOTICE IS HEREBY GIVEN that on Wednesday, the 12th day of October, A. D. 1932, at Twelve (12:00) o'clock noon, Eastern Standard Time, said mortgage will be foreclosed by sale at public auction to the highest bidder, at the Saginaw Street entrance of the Court House in the City of Pontiac, Oakland County, Michigan, that being the place where the Circuit Court for the County of Oakland is held, of the premises described in said mortgage, or so much thereof as may be necessary to pay the amount due on said mortgage as aforesaid, with interest thereon and all legal costs, charges and expenses, thereon, including attorney's fees as allowed by law, which said premises are described as follows, to-wit:
The parcel of land, together with all hereditaments and appurtenances thereunto belonging, situated in the Township of Bloomfield, County of Oakland, and State of Michigan, described as follows, to-wit:
Lot No. 224, Judson Bradway's Bloomfield Village Subdivision of the West One-Half (1/2) of the West One Half (1/2) of Section Twenty-six (26), and part of the Southeast Quarter (1/4) of Section Twenty Seven (27), Town Two (2), North Range Ten (10) East, Bloomfield Township, Michigan, according to the plat thereof recorded in Liber 32 of Plats on Pages 20 and 21, Oakland County Records.
Dated at Detroit, Michigan, July 6, 1932.

HAROLD R. BLAKE, Mortgagee.
Schmalzriedt, Frye, Granse & Frye, Attorneys for Mortgagee, 1412 Majestic Bldg., Detroit, Michigan.
July 7—Sept. 29
